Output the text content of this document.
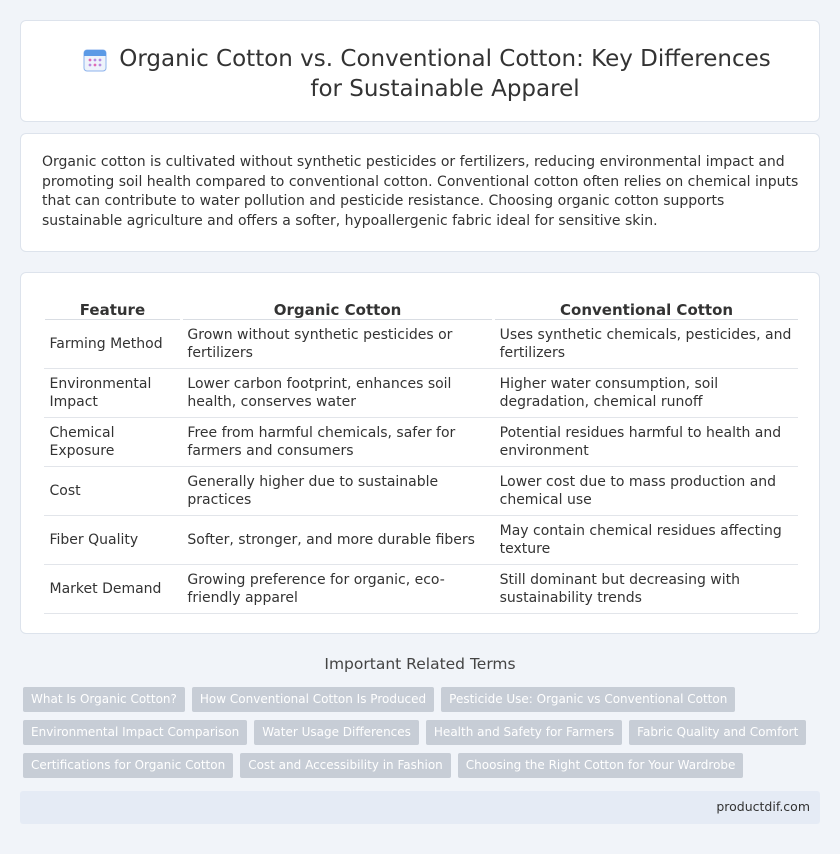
Organic Cotton vs. Conventional Cotton: Key Differences for Sustainable Apparel

Organic cotton is cultivated without synthetic pesticides or fertilizers, reducing environmental impact and promoting soil health compared to conventional cotton. Conventional cotton often relies on chemical inputs that can contribute to water pollution and pesticide resistance. Choosing organic cotton supports sustainable agriculture and offers a softer, hypoallergenic fabric ideal for sensitive skin.

Feature	Organic Cotton	Conventional Cotton
Farming Method	Grown without synthetic pesticides or fertilizers	Uses synthetic chemicals, pesticides, and fertilizers
Environmental Impact	Lower carbon footprint, enhances soil health, conserves water	Higher water consumption, soil degradation, chemical runoff
Chemical Exposure	Free from harmful chemicals, safer for farmers and consumers	Potential residues harmful to health and environment
Cost	Generally higher due to sustainable practices	Lower cost due to mass production and chemical use
Fiber Quality	Softer, stronger, and more durable fibers	May contain chemical residues affecting texture
Market Demand	Growing preference for organic, eco-friendly apparel	Still dominant but decreasing with sustainability trends
Important Related Terms
What Is Organic Cotton?	How Conventional Cotton Is Produced	Pesticide Use: Organic vs Conventional Cotton
Environmental Impact Comparison	Water Usage Differences	Health and Safety for Farmers	Fabric Quality and Comfort
Certifications for Organic Cotton	Cost and Accessibility in Fashion	Choosing the Right Cotton for Your Wardrobe
productdif.com
